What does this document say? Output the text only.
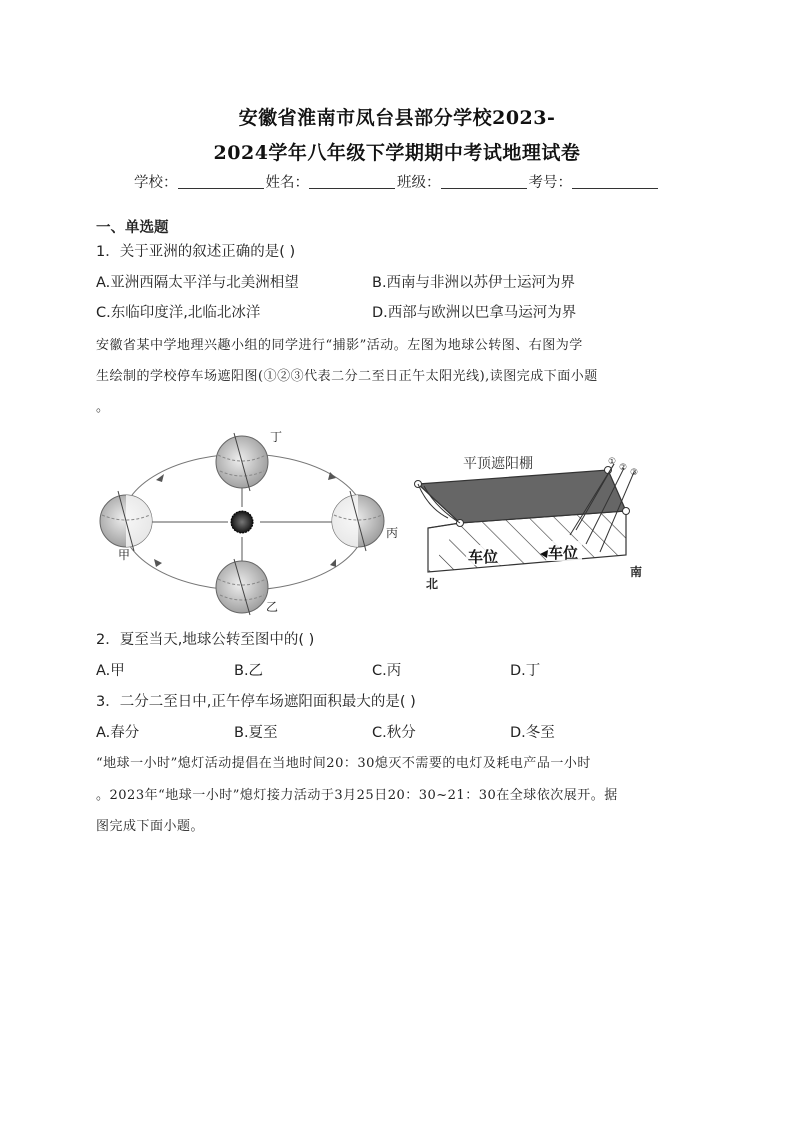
安徽省淮南市凤台县部分学校2023-
2024学年八年级下学期期中考试地理试卷
学校：	姓名：	班级：	考号：
一、单选题
1．关于亚洲的叙述正确的是( )
A.亚洲西隔太平洋与北美洲相望	B.西南与非洲以苏伊士运河为界
C.东临印度洋,北临北冰洋	D.西部与欧洲以巴拿马运河为界
安徽省某中学地理兴趣小组的同学进行“捕影”活动。左图为地球公转图、右图为学
生绘制的学校停车场遮阳图(①②③代表二分二至日正午太阳光线),读图完成下面小题
。
丁
乙
甲
丙
平顶遮阳棚	①
② ③
车位	车位
北
南
2．夏至当天,地球公转至图中的( )
A.甲	B.乙	C.丙	D.丁
3．二分二至日中,正午停车场遮阳面积最大的是( )
A.春分	B.夏至	C.秋分	D.冬至
“地球一小时”熄灯活动提倡在当地时间20：30熄灭不需要的电灯及耗电产品一小时
。2023年“地球一小时”熄灯接力活动于3月25日20：30~21：30在全球依次展开。据
图完成下面小题。
